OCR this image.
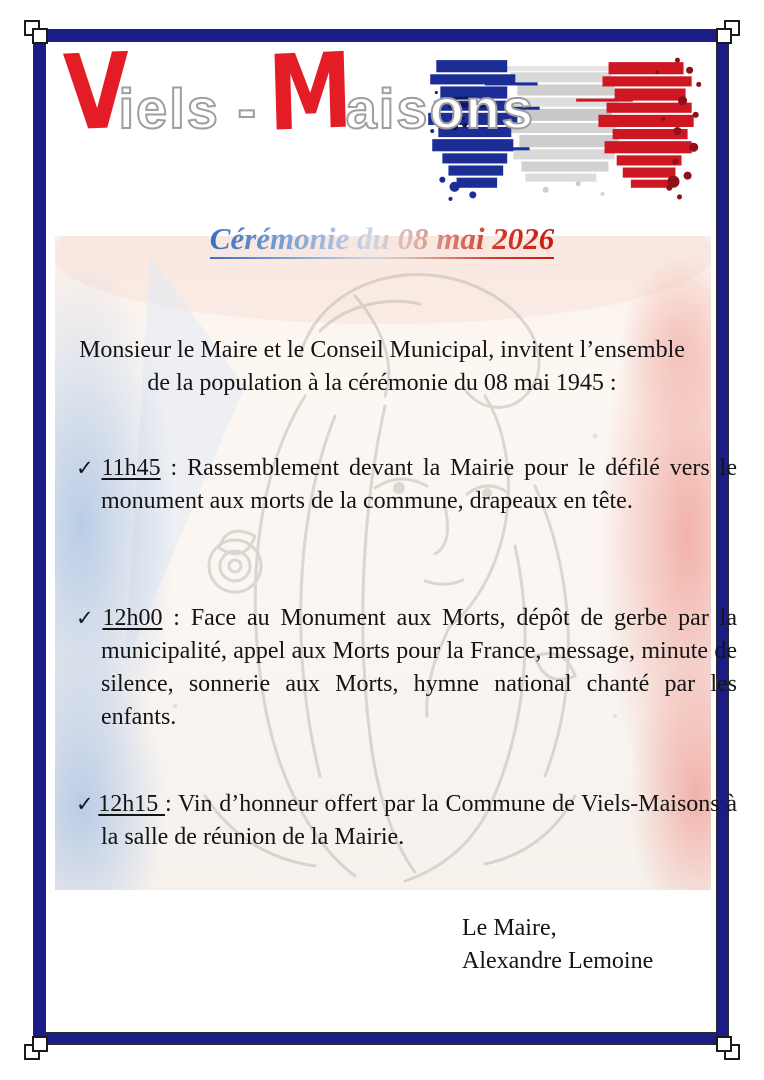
V
iels - M
aisons
Cérémonie du 08 mai 2026
Monsieur le Maire et le Conseil Municipal, invitent l’ensemble
de la population à la cérémonie du 08 mai 1945 :
✓ 11h45 : Rassemblement devant la Mairie pour le défilé vers le monument aux morts de la commune, drapeaux en tête.
✓ 12h00 : Face au Monument aux Morts, dépôt de gerbe par la municipalité, appel aux Morts pour la France, message, minute de silence, sonnerie aux Morts, hymne national chanté par les enfants.
✓ 12h15 : Vin d’honneur offert par la Commune de Viels-Maisons à la salle de réunion de la Mairie.
Le Maire,
Alexandre Lemoine
